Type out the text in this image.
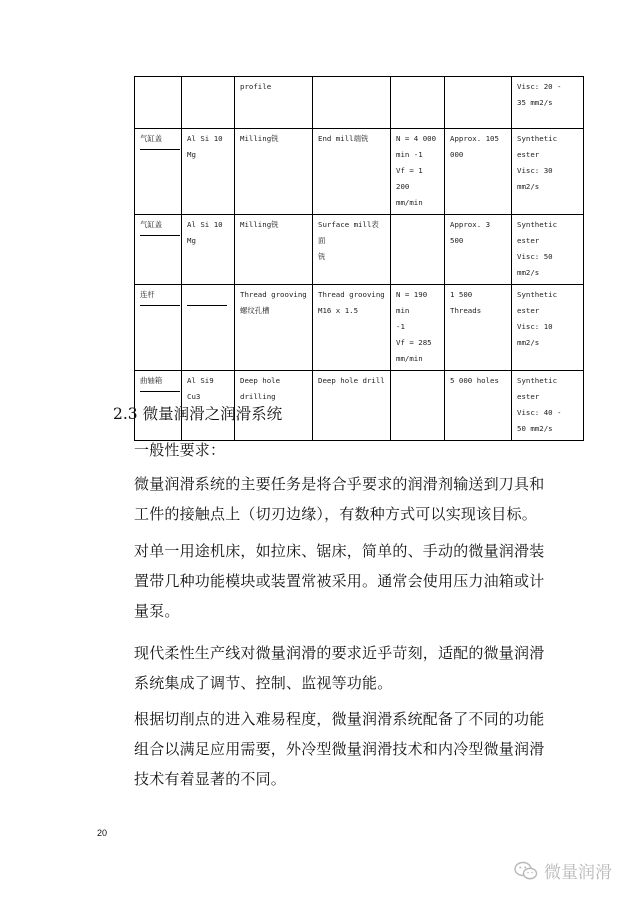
		profile				Visc: 20 -
35 mm2/s
气缸盖	Al Si 10 Mg	Milling铣	End mill端铣	N = 4 000
min -1
Vf = 1 200
mm/min	Approx. 105 000	Synthetic
ester
Visc: 30
mm2/s
气缸盖	Al Si 10 Mg	Milling铣	Surface mill表面
铣		Approx. 3 500	Synthetic
ester
Visc: 50
mm2/s
连杆		Thread grooving
螺纹孔槽	Thread grooving
M16 x 1.5	N = 190 min
-1
Vf = 285
mm/min	1 500 Threads	Synthetic
ester
Visc: 10
mm2/s
曲轴箱	Al Si9 Cu3	Deep hole
drilling	Deep hole drill		5 000 holes	Synthetic
ester
Visc: 40 -
50 mm2/s
2.3 微量润滑之润滑系统
一般性要求：
微量润滑系统的主要任务是将合乎要求的润滑剂输送到刀具和
工件的接触点上（切刃边缘），有数种方式可以实现该目标。
对单一用途机床，如拉床、锯床，简单的、手动的微量润滑装
置带几种功能模块或装置常被采用。通常会使用压力油箱或计
量泵。
现代柔性生产线对微量润滑的要求近乎苛刻，适配的微量润滑
系统集成了调节、控制、监视等功能。
根据切削点的进入难易程度，微量润滑系统配备了不同的功能
组合以满足应用需要，外冷型微量润滑技术和内冷型微量润滑
技术有着显著的不同。
20
微量润滑
